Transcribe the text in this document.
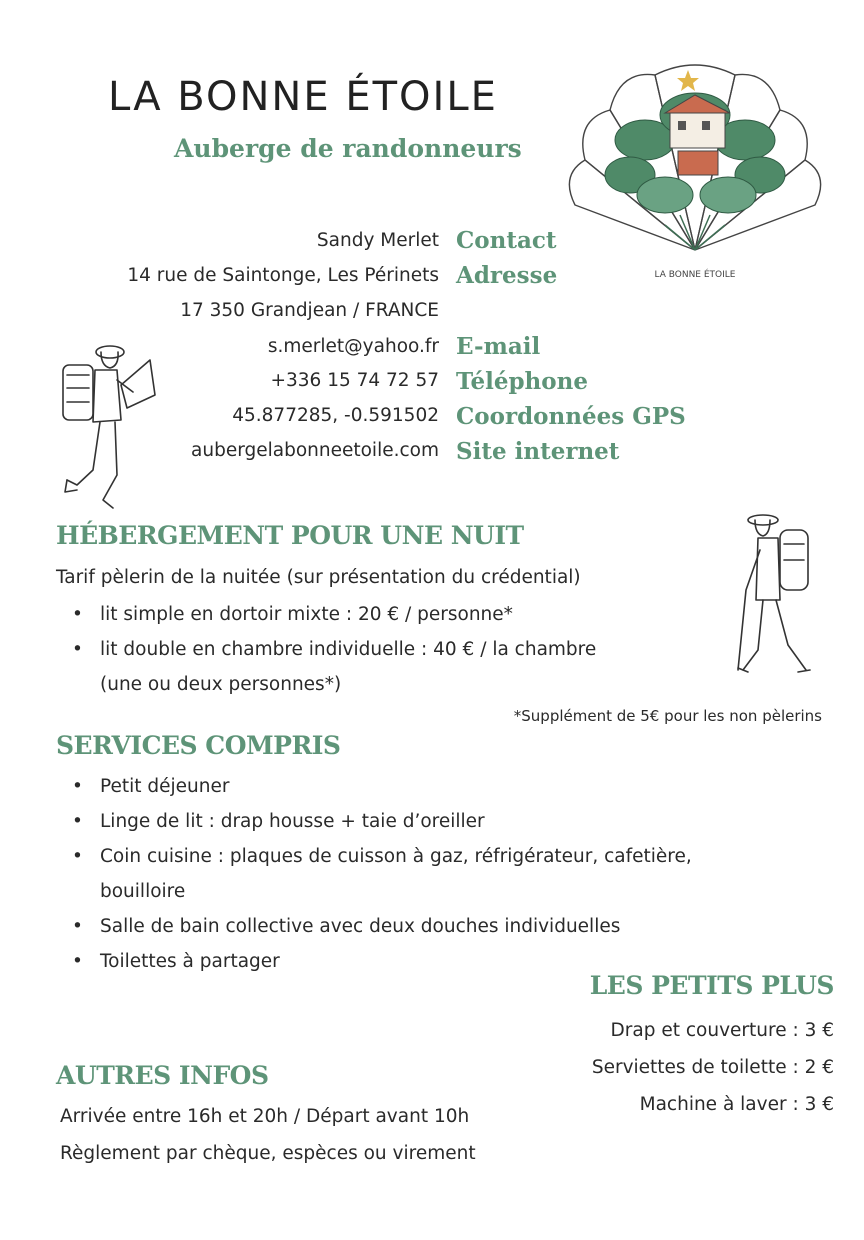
LA BONNE ÉTOILE
Auberge de randonneurs
LA BONNE ÉTOILE
Sandy Merlet Contact
14 rue de Saintonge, Les Périnets Adresse
17 350 Grandjean / FRANCE
s.merlet@yahoo.fr E-mail
+336 15 74 72 57 Téléphone
45.877285, -0.591502 Coordonnées GPS
aubergelabonneetoile.com Site internet
HÉBERGEMENT POUR UNE NUIT
Tarif pèlerin de la nuitée (sur présentation du crédential)
• lit simple en dortoir mixte : 20 € / personne*
• lit double en chambre individuelle : 40 € / la chambre
(une ou deux personnes*)
*Supplément de 5€ pour les non pèlerins
SERVICES COMPRIS
• Petit déjeuner
• Linge de lit : drap housse + taie d’oreiller
• Coin cuisine : plaques de cuisson à gaz, réfrigérateur, cafetière,
bouilloire
• Salle de bain collective avec deux douches individuelles
• Toilettes à partager
LES PETITS PLUS
Drap et couverture : 3 €
Serviettes de toilette : 2 €
Machine à laver : 3 €
AUTRES INFOS
Arrivée entre 16h et 20h / Départ avant 10h
Règlement par chèque, espèces ou virement
